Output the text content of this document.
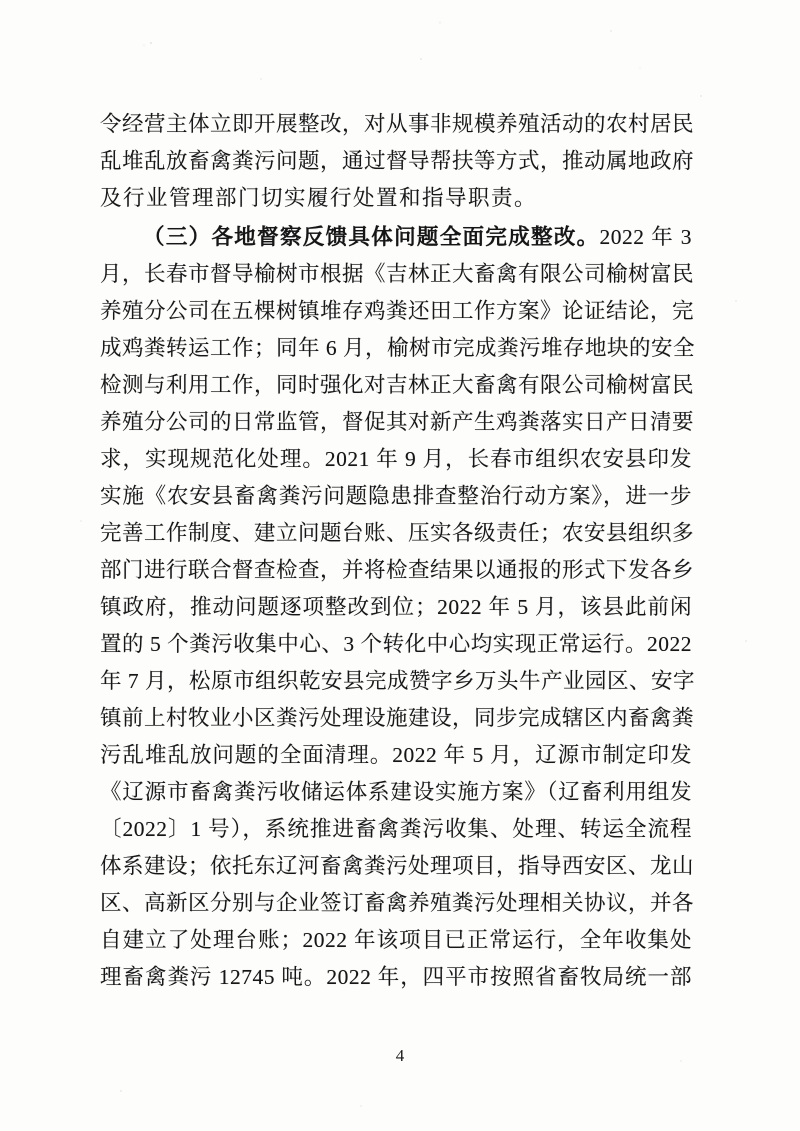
令经营主体立即开展整改，对从事非规模养殖活动的农村居民

乱堆乱放畜禽粪污问题，通过督导帮扶等方式，推动属地政府

及行业管理部门切实履行处置和指导职责。

（三）各地督察反馈具体问题全面完成整改。2022 年 3

月，长春市督导榆树市根据《吉林正大畜禽有限公司榆树富民

养殖分公司在五棵树镇堆存鸡粪还田工作方案》论证结论，完

成鸡粪转运工作；同年 6 月，榆树市完成粪污堆存地块的安全

检测与利用工作，同时强化对吉林正大畜禽有限公司榆树富民

养殖分公司的日常监管，督促其对新产生鸡粪落实日产日清要

求，实现规范化处理。2021 年 9 月，长春市组织农安县印发

实施《农安县畜禽粪污问题隐患排查整治行动方案》，进一步

完善工作制度、建立问题台账、压实各级责任；农安县组织多

部门进行联合督查检查，并将检查结果以通报的形式下发各乡

镇政府，推动问题逐项整改到位；2022 年 5 月，该县此前闲

置的 5 个粪污收集中心、3 个转化中心均实现正常运行。2022

年 7 月，松原市组织乾安县完成赞字乡万头牛产业园区、安字

镇前上村牧业小区粪污处理设施建设，同步完成辖区内畜禽粪

污乱堆乱放问题的全面清理。2022 年 5 月，辽源市制定印发

《辽源市畜禽粪污收储运体系建设实施方案》（辽畜利用组发

〔2022〕1 号），系统推进畜禽粪污收集、处理、转运全流程

体系建设；依托东辽河畜禽粪污处理项目，指导西安区、龙山

区、高新区分别与企业签订畜禽养殖粪污处理相关协议，并各

自建立了处理台账；2022 年该项目已正常运行，全年收集处

理畜禽粪污 12745 吨。2022 年，四平市按照省畜牧局统一部

4
